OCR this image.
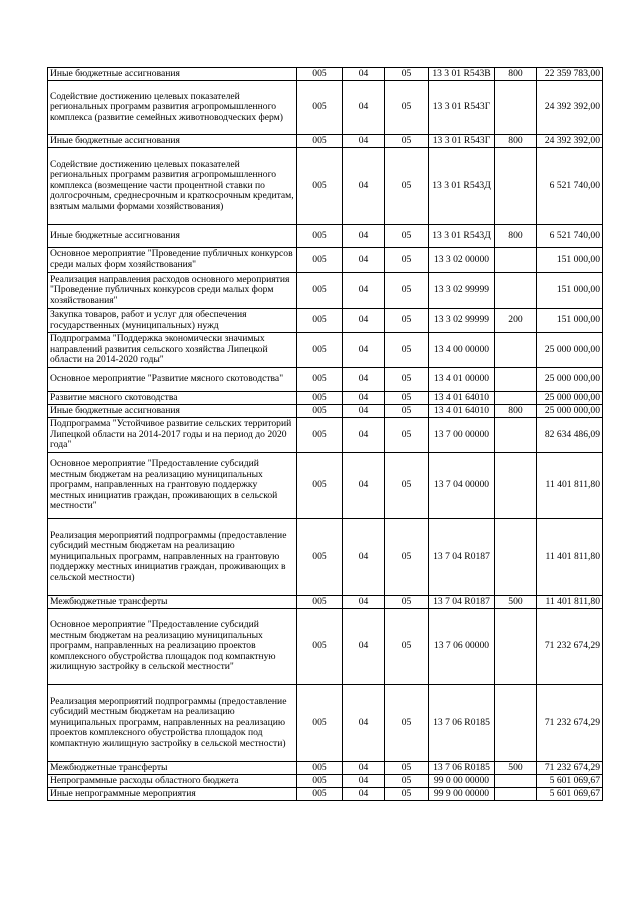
Иные бюджетные ассигнования	005	04	05	13 3 01 R543В	800	22 359 783,00
Содействие достижению целевых показателей региональных программ развития агропромышленного комплекса (развитие семейных животноводческих ферм)	005	04	05	13 3 01 R543Г		24 392 392,00
Иные бюджетные ассигнования	005	04	05	13 3 01 R543Г	800	24 392 392,00
Содействие достижению целевых показателей региональных программ развития агропромышленного комплекса (возмещение части процентной ставки по долгосрочным, среднесрочным и краткосрочным кредитам, взятым малыми формами хозяйствования)	005	04	05	13 3 01 R543Д		6 521 740,00
Иные бюджетные ассигнования	005	04	05	13 3 01 R543Д	800	6 521 740,00
Основное мероприятие "Проведение публичных конкурсов среди малых форм хозяйствования"	005	04	05	13 3 02 00000		151 000,00
Реализация направления расходов основного мероприятия "Проведение публичных конкурсов среди малых форм хозяйствования"	005	04	05	13 3 02 99999		151 000,00
Закупка товаров, работ и услуг для обеспечения государственных (муниципальных) нужд	005	04	05	13 3 02 99999	200	151 000,00
Подпрограмма "Поддержка экономически значимых направлений развития сельского хозяйства Липецкой области на 2014-2020 годы"	005	04	05	13 4 00 00000		25 000 000,00
Основное мероприятие "Развитие мясного скотоводства"	005	04	05	13 4 01 00000		25 000 000,00
Развитие мясного скотоводства	005	04	05	13 4 01 64010		25 000 000,00
Иные бюджетные ассигнования	005	04	05	13 4 01 64010	800	25 000 000,00
Подпрограмма "Устойчивое развитие сельских территорий Липецкой области на 2014-2017 годы и на период до 2020 года"	005	04	05	13 7 00 00000		82 634 486,09
Основное мероприятие "Предоставление субсидий местным бюджетам на реализацию муниципальных программ, направленных на грантовую поддержку местных инициатив граждан, проживающих в сельской местности"	005	04	05	13 7 04 00000		11 401 811,80
Реализация мероприятий подпрограммы (предоставление субсидий местным бюджетам на реализацию муниципальных программ, направленных на грантовую поддержку местных инициатив граждан, проживающих в сельской местности)	005	04	05	13 7 04 R0187		11 401 811,80
Межбюджетные трансферты	005	04	05	13 7 04 R0187	500	11 401 811,80
Основное мероприятие "Предоставление субсидий местным бюджетам на реализацию муниципальных программ, направленных на реализацию проектов комплексного обустройства площадок под компактную жилищную застройку в сельской местности"	005	04	05	13 7 06 00000		71 232 674,29
Реализация мероприятий подпрограммы (предоставление субсидий местным бюджетам на реализацию муниципальных программ, направленных на реализацию проектов комплексного обустройства площадок под компактную жилищную застройку в сельской местности)	005	04	05	13 7 06 R0185		71 232 674,29
Межбюджетные трансферты	005	04	05	13 7 06 R0185	500	71 232 674,29
Непрограммные расходы областного бюджета	005	04	05	99 0 00 00000		5 601 069,67
Иные непрограммные мероприятия	005	04	05	99 9 00 00000		5 601 069,67
